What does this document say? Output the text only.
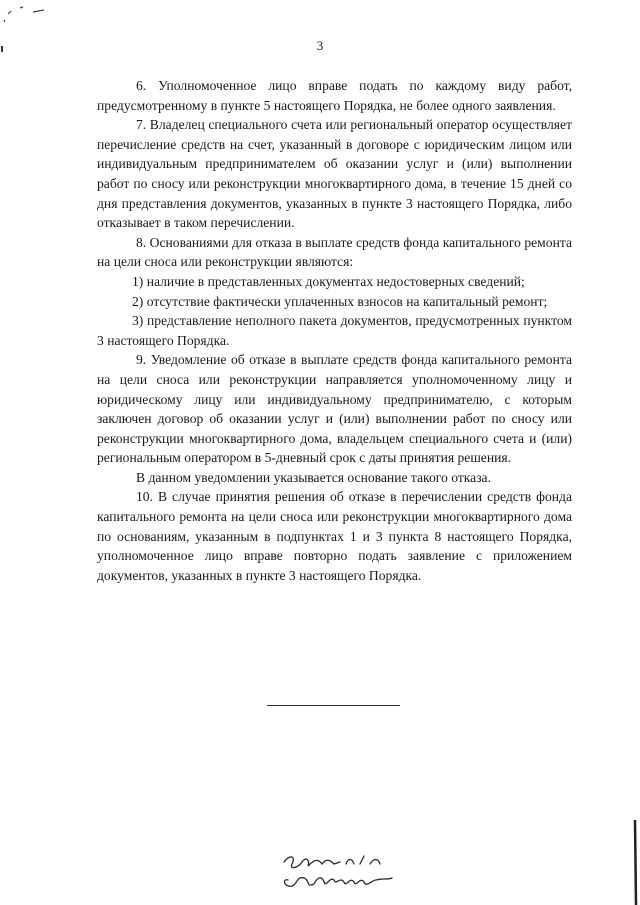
3

6. Уполномоченное лицо вправе подать по каждому виду работ, предусмотренному в пункте 5 настоящего Порядка, не более одного заявления.

7. Владелец специального счета или региональный оператор осуществляет перечисление средств на счет, указанный в договоре с юридическим лицом или индивидуальным предпринимателем об оказании услуг и (или) выполнении работ по сносу или реконструкции многоквартирного дома, в течение 15 дней со дня представления документов, указанных в пункте 3 настоящего Порядка, либо отказывает в таком перечислении.

8. Основаниями для отказа в выплате средств фонда капитального ремонта на цели сноса или реконструкции являются:

1) наличие в представленных документах недостоверных сведений;

2) отсутствие фактически уплаченных взносов на капитальный ремонт;

3) представление неполного пакета документов, предусмотренных пунктом 3 настоящего Порядка.

9. Уведомление об отказе в выплате средств фонда капитального ремонта на цели сноса или реконструкции направляется уполномоченному лицу и юридическому лицу или индивидуальному предпринимателю, с которым заключен договор об оказании услуг и (или) выполнении работ по сносу или реконструкции многоквартирного дома, владельцем специального счета и (или) региональным оператором в 5-дневный срок с даты принятия решения.

В данном уведомлении указывается основание такого отказа.

10. В случае принятия решения об отказе в перечислении средств фонда капитального ремонта на цели сноса или реконструкции многоквартирного дома по основаниям, указанным в подпунктах 1 и 3 пункта 8 настоящего Порядка, уполномоченное лицо вправе повторно подать заявление с приложением документов, указанных в пункте 3 настоящего Порядка.
